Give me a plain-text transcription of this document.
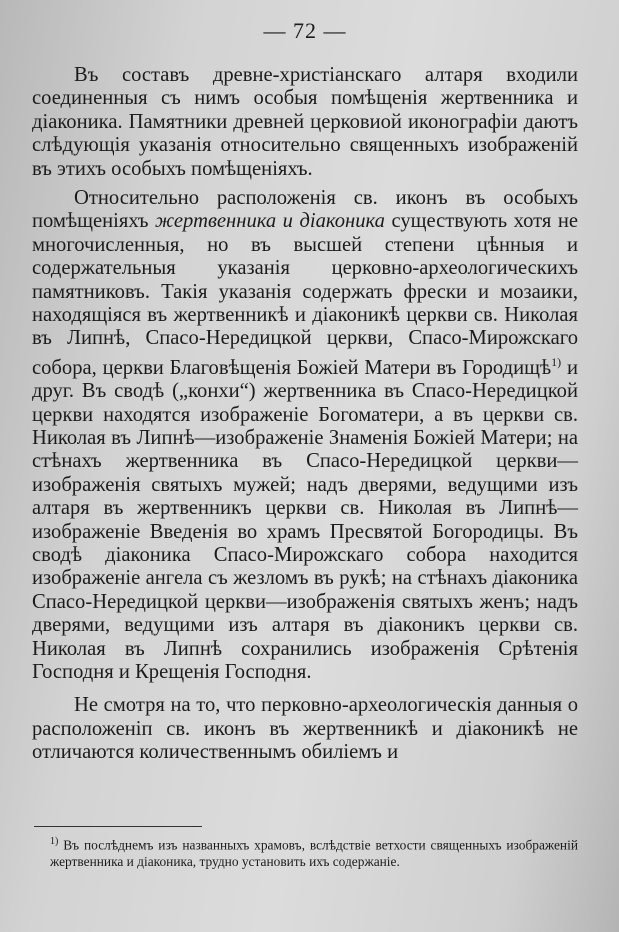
— 72 —

Въ составъ древне-христіанскаго алтаря входили соединенныя съ нимъ особыя помѣщенія жертвенника и діаконика. Памятники древней церковиой иконографіи даютъ слѣдующія указанія относительно священныхъ изображеній въ этихъ особыхъ помѣщеніяхъ.

Относительно расположенія св. иконъ въ особыхъ помѣщеніяхъ жертвенника и діаконика существують хотя не многочисленныя, но въ высшей степени цѣнныя и содержательныя указанія церковно-археологическихъ памятниковъ. Такія указанія содержать фрески и мозаики, находящіяся въ жертвенникѣ и діаконикѣ церкви св. Николая въ Липнѣ, Спасо-Нередицкой церкви, Спасо-Мирожскаго собора, церкви Благовѣщенія Божіей Матери въ Городищѣ$^{1)}$ и друг. Въ сводѣ („конхи“) жертвенника въ Спасо-Нередицкой церкви находятся изображеніе Богоматери, а въ церкви св. Николая въ Липнѣ—изображеніе Знаменія Божіей Матери; на стѣнахъ жертвенника въ Спасо-Нередицкой церкви—изображенія святыхъ мужей; надъ дверями, ведущими изъ алтаря въ жертвенникъ церкви св. Николая въ Липнѣ—изображеніе Введенія во храмъ Пресвятой Богородицы. Въ сводѣ діаконика Спасо-Мирожскаго собора находится изображеніе ангела съ жезломъ въ рукѣ; на стѣнахъ діаконика Спасо-Нередицкой церкви—изображенія святыхъ женъ; надъ дверями, ведущими изъ алтаря въ діаконикъ церкви св. Николая въ Липнѣ сохранились изображенія Срѣтенія Господня и Крещенія Господня.

Не смотря на то, что перковно-археологическія данныя о расположеніп св. иконъ въ жертвенникѣ и діаконикѣ не отличаются количественнымъ обиліемъ и

$^{1)}$ Въ послѣднемъ изъ названныхъ храмовъ, вслѣдствіе ветхости священныхъ изображеній жертвенника и діаконика, трудно установить ихъ содержаніе.
